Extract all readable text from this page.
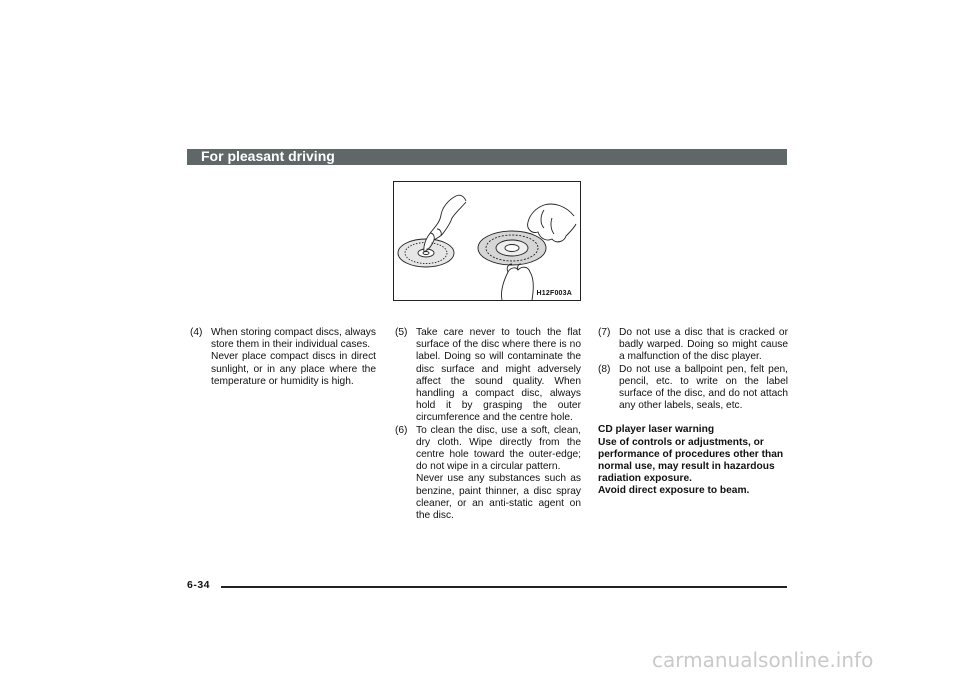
For pleasant driving
H12F003A
(4) When storing compact discs, always store them in their individual cases.

Never place compact discs in direct sunlight, or in any place where the temperature or humidity is high.

(5) Take care never to touch the flat surface of the disc where there is no label. Doing so will contaminate the disc surface and might adversely affect the sound quality. When handling a compact disc, always hold it by grasping the outer circumference and the centre hole.

(6) To clean the disc, use a soft, clean, dry cloth. Wipe directly from the centre hole toward the outer-edge; do not wipe in a circular pattern.

Never use any substances such as benzine, paint thinner, a disc spray cleaner, or an anti-static agent on the disc.

(7) Do not use a disc that is cracked or badly warped. Doing so might cause a malfunction of the disc player.

(8) Do not use a ballpoint pen, felt pen, pencil, etc. to write on the label surface of the disc, and do not attach any other labels, seals, etc.

CD player laser warning
Use of controls or adjustments, or performance of procedures other than normal use, may result in hazardous radiation exposure.
Avoid direct exposure to beam.
6-34
carmanualsonline.info
